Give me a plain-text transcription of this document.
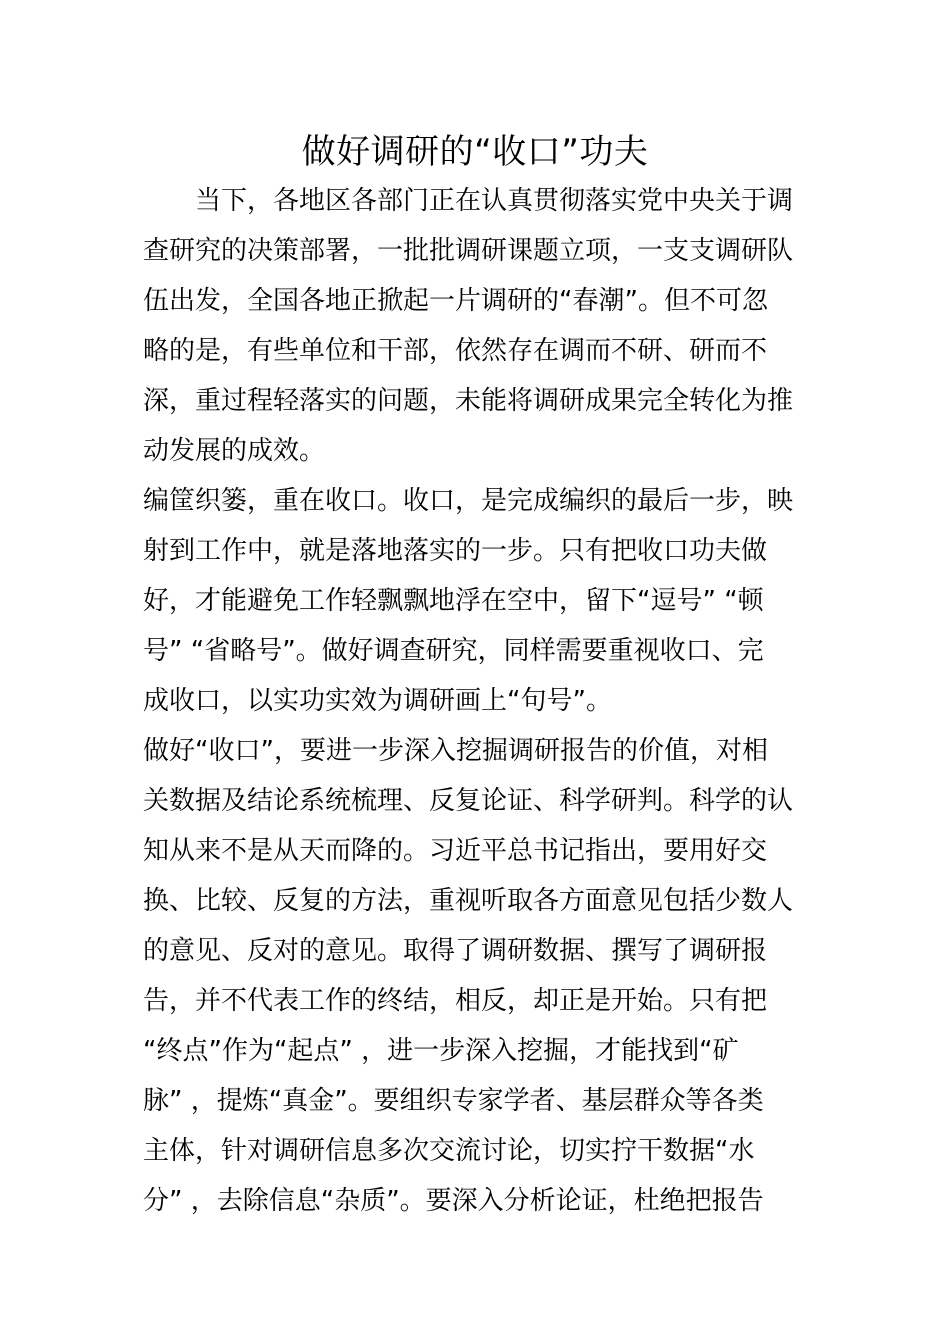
做好调研的“收口”功夫
　　当下，各地区各部门正在认真贯彻落实党中央关于调
查研究的决策部署，一批批调研课题立项，一支支调研队
伍出发，全国各地正掀起一片调研的“春潮”。但不可忽
略的是，有些单位和干部，依然存在调而不研、研而不
深，重过程轻落实的问题，未能将调研成果完全转化为推
动发展的成效。
编筐织篓，重在收口。收口，是完成编织的最后一步，映
射到工作中，就是落地落实的一步。只有把收口功夫做
好，才能避免工作轻飘飘地浮在空中，留下“逗号” “顿
号” “省略号”。做好调查研究，同样需要重视收口、完
成收口，以实功实效为调研画上“句号”。
做好“收口”，要进一步深入挖掘调研报告的价值，对相
关数据及结论系统梳理、反复论证、科学研判。科学的认
知从来不是从天而降的。习近平总书记指出，要用好交
换、比较、反复的方法，重视听取各方面意见包括少数人
的意见、反对的意见。取得了调研数据、撰写了调研报
告，并不代表工作的终结，相反，却正是开始。只有把
“终点”作为“起点” ，进一步深入挖掘，才能找到“矿
脉” ，提炼“真金”。要组织专家学者、基层群众等各类
主体，针对调研信息多次交流讨论，切实拧干数据“水
分” ，去除信息“杂质”。要深入分析论证，杜绝把报告
